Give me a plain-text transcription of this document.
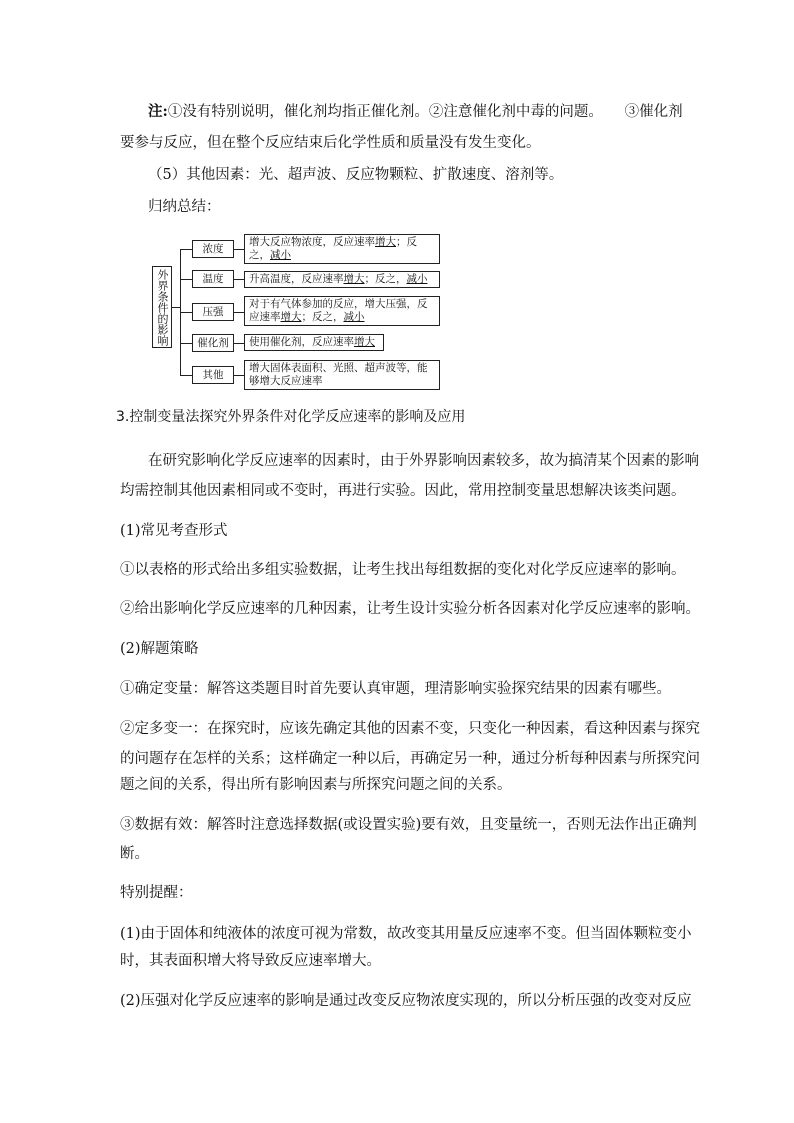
注:①没有特别说明，催化剂均指正催化剂。②注意催化剂中毒的问题。　　③催化剂
要参与反应，但在整个反应结束后化学性质和质量没有发生变化。
（5）其他因素：光、超声波、反应物颗粒、扩散速度、溶剂等。
归纳总结：
外界条件的影响
浓度
温度
压强
催化剂
其他
增大反应物浓度，反应速率增大；反之，减小
升高温度，反应速率增大；反之，减小
对于有气体参加的反应，增大压强，反应速率增大；反之，减小
使用催化剂，反应速率增大
增大固体表面积、光照、超声波等，能够增大反应速率
3.控制变量法探究外界条件对化学反应速率的影响及应用
在研究影响化学反应速率的因素时，由于外界影响因素较多，故为搞清某个因素的影响
均需控制其他因素相同或不变时，再进行实验。因此，常用控制变量思想解决该类问题。
(1)常见考查形式
①以表格的形式给出多组实验数据，让考生找出每组数据的变化对化学反应速率的影响。
②给出影响化学反应速率的几种因素，让考生设计实验分析各因素对化学反应速率的影响。
(2)解题策略
①确定变量：解答这类题目时首先要认真审题，理清影响实验探究结果的因素有哪些。
②定多变一：在探究时，应该先确定其他的因素不变，只变化一种因素，看这种因素与探究
的问题存在怎样的关系；这样确定一种以后，再确定另一种，通过分析每种因素与所探究问
题之间的关系，得出所有影响因素与所探究问题之间的关系。
③数据有效：解答时注意选择数据(或设置实验)要有效，且变量统一，否则无法作出正确判
断。
特别提醒：
(1)由于固体和纯液体的浓度可视为常数，故改变其用量反应速率不变。但当固体颗粒变小
时，其表面积增大将导致反应速率增大。
(2)压强对化学反应速率的影响是通过改变反应物浓度实现的，所以分析压强的改变对反应
